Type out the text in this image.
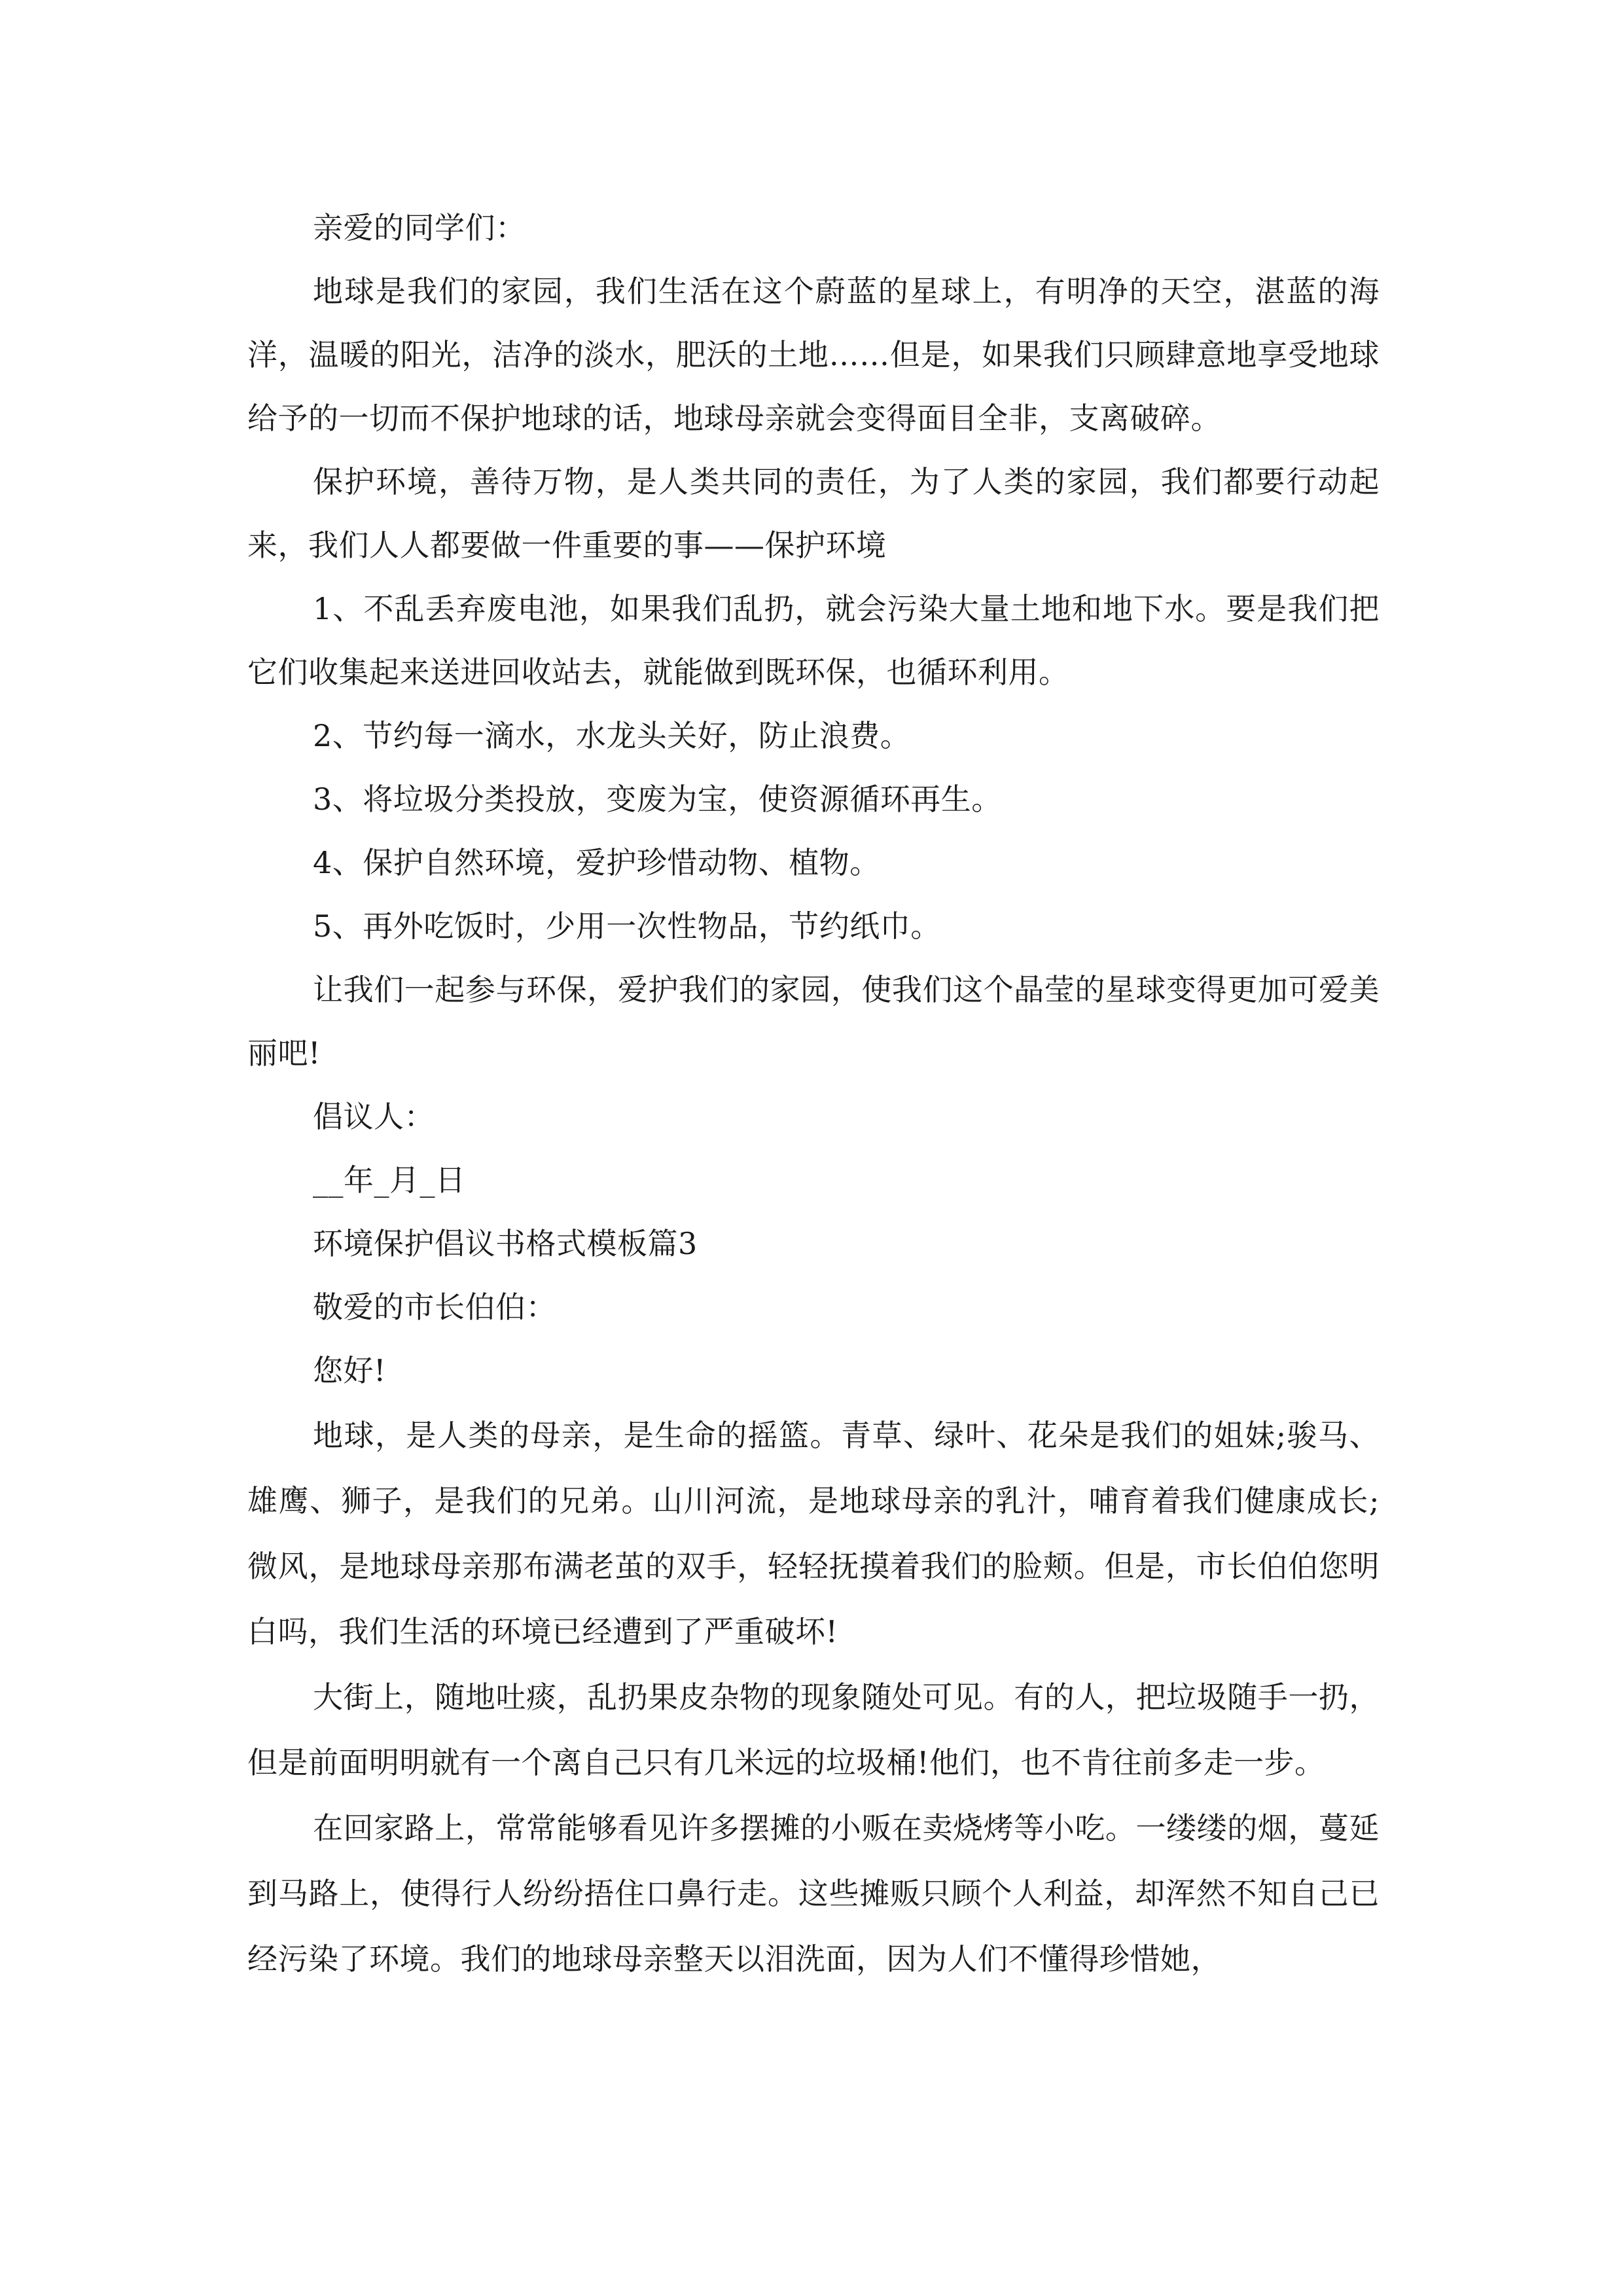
亲爱的同学们：

地球是我们的家园，我们生活在这个蔚蓝的星球上，有明净的天空，湛蓝的海洋，温暖的阳光，洁净的淡水，肥沃的土地……但是，如果我们只顾肆意地享受地球给予的一切而不保护地球的话，地球母亲就会变得面目全非，支离破碎。

保护环境，善待万物，是人类共同的责任，为了人类的家园，我们都要行动起来，我们人人都要做一件重要的事——保护环境

1、不乱丢弃废电池，如果我们乱扔，就会污染大量土地和地下水。要是我们把它们收集起来送进回收站去，就能做到既环保，也循环利用。

2、节约每一滴水，水龙头关好，防止浪费。

3、将垃圾分类投放，变废为宝，使资源循环再生。

4、保护自然环境，爱护珍惜动物、植物。

5、再外吃饭时，少用一次性物品，节约纸巾。

让我们一起参与环保，爱护我们的家园，使我们这个晶莹的星球变得更加可爱美丽吧!

倡议人：

__年_月_日

环境保护倡议书格式模板篇3

敬爱的市长伯伯：

您好!

地球，是人类的母亲，是生命的摇篮。青草、绿叶、花朵是我们的姐妹;骏马、雄鹰、狮子，是我们的兄弟。山川河流，是地球母亲的乳汁，哺育着我们健康成长;微风，是地球母亲那布满老茧的双手，轻轻抚摸着我们的脸颊。但是，市长伯伯您明白吗，我们生活的环境已经遭到了严重破坏!

大街上，随地吐痰，乱扔果皮杂物的现象随处可见。有的人，把垃圾随手一扔，但是前面明明就有一个离自己只有几米远的垃圾桶!他们，也不肯往前多走一步。

在回家路上，常常能够看见许多摆摊的小贩在卖烧烤等小吃。一缕缕的烟，蔓延到马路上，使得行人纷纷捂住口鼻行走。这些摊贩只顾个人利益，却浑然不知自己已经污染了环境。我们的地球母亲整天以泪洗面，因为人们不懂得珍惜她，
